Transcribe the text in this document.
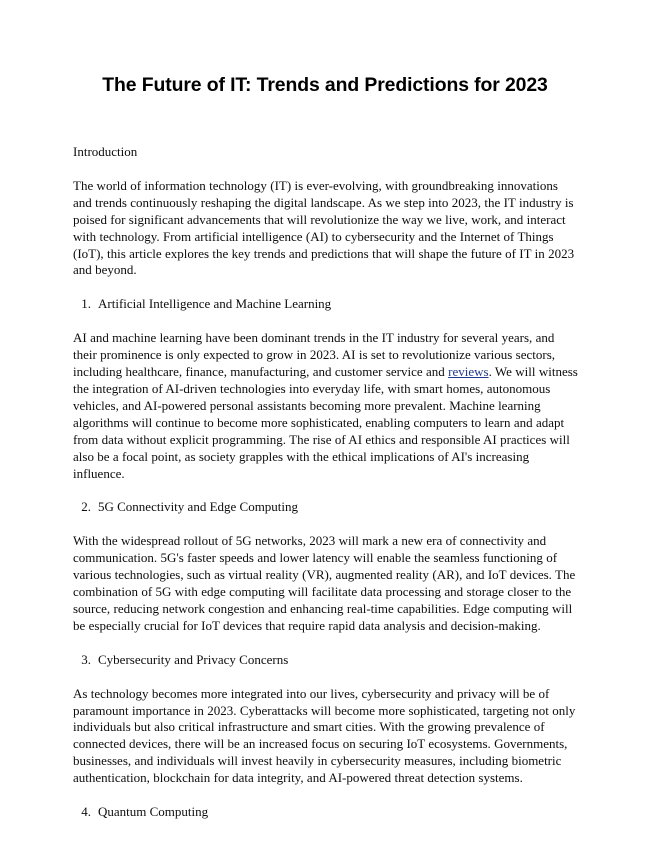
The Future of IT: Trends and Predictions for 2023

Introduction

The world of information technology (IT) is ever-evolving, with groundbreaking innovations and trends continuously reshaping the digital landscape. As we step into 2023, the IT industry is poised for significant advancements that will revolutionize the way we live, work, and interact with technology. From artificial intelligence (AI) to cybersecurity and the Internet of Things (IoT), this article explores the key trends and predictions that will shape the future of IT in 2023 and beyond.

1. Artificial Intelligence and Machine Learning

AI and machine learning have been dominant trends in the IT industry for several years, and their prominence is only expected to grow in 2023. AI is set to revolutionize various sectors, including healthcare, finance, manufacturing, and customer service and reviews. We will witness the integration of AI-driven technologies into everyday life, with smart homes, autonomous vehicles, and AI-powered personal assistants becoming more prevalent. Machine learning algorithms will continue to become more sophisticated, enabling computers to learn and adapt from data without explicit programming. The rise of AI ethics and responsible AI practices will also be a focal point, as society grapples with the ethical implications of AI's increasing influence.

2. 5G Connectivity and Edge Computing

With the widespread rollout of 5G networks, 2023 will mark a new era of connectivity and communication. 5G's faster speeds and lower latency will enable the seamless functioning of various technologies, such as virtual reality (VR), augmented reality (AR), and IoT devices. The combination of 5G with edge computing will facilitate data processing and storage closer to the source, reducing network congestion and enhancing real-time capabilities. Edge computing will be especially crucial for IoT devices that require rapid data analysis and decision-making.

3. Cybersecurity and Privacy Concerns

As technology becomes more integrated into our lives, cybersecurity and privacy will be of paramount importance in 2023. Cyberattacks will become more sophisticated, targeting not only individuals but also critical infrastructure and smart cities. With the growing prevalence of connected devices, there will be an increased focus on securing IoT ecosystems. Governments, businesses, and individuals will invest heavily in cybersecurity measures, including biometric authentication, blockchain for data integrity, and AI-powered threat detection systems.

4. Quantum Computing
